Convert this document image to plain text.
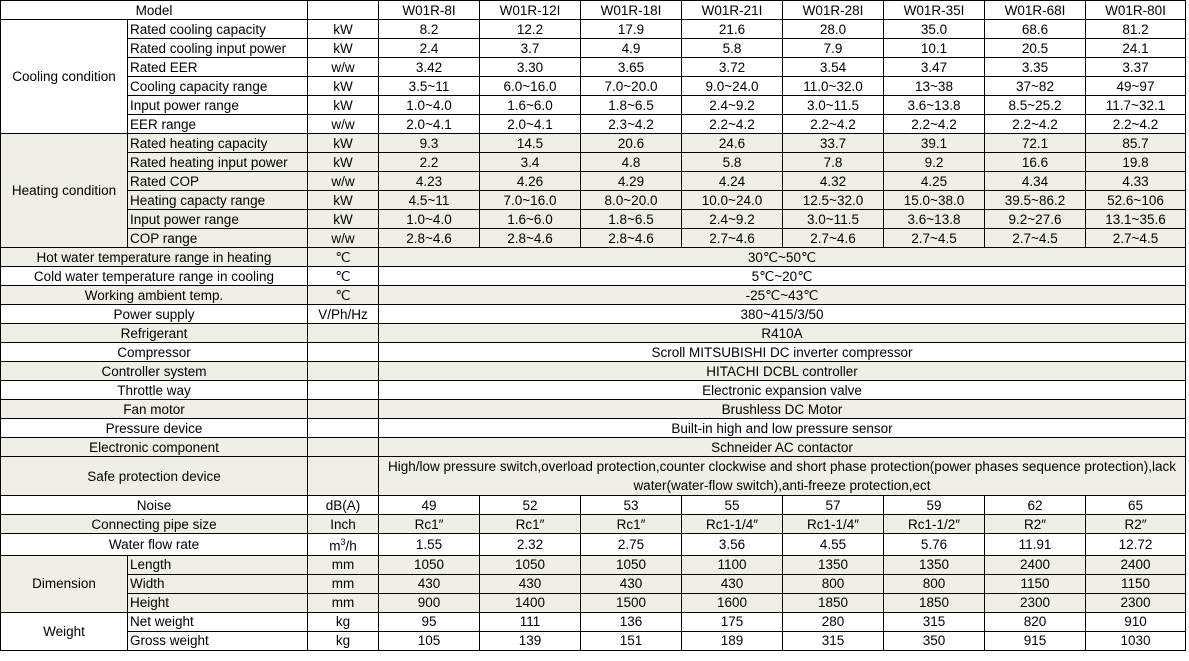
Model			W01R-8I	W01R-12I	W01R-18I	W01R-21I	W01R-28I	W01R-35I	W01R-68I	W01R-80I
Cooling condition	Rated cooling capacity	kW	8.2	12.2	17.9	21.6	28.0	35.0	68.6	81.2
	Rated cooling input power	kW	2.4	3.7	4.9	5.8	7.9	10.1	20.5	24.1
	Rated EER	w/w	3.42	3.30	3.65	3.72	3.54	3.47	3.35	3.37
	Cooling capacity range	kW	3.5~11	6.0~16.0	7.0~20.0	9.0~24.0	11.0~32.0	13~38	37~82	49~97
	Input power range	kW	1.0~4.0	1.6~6.0	1.8~6.5	2.4~9.2	3.0~11.5	3.6~13.8	8.5~25.2	11.7~32.1
	EER range	w/w	2.0~4.1	2.0~4.1	2.3~4.2	2.2~4.2	2.2~4.2	2.2~4.2	2.2~4.2	2.2~4.2
Heating condition	Rated heating capacity	kW	9.3	14.5	20.6	24.6	33.7	39.1	72.1	85.7
	Rated heating input power	kW	2.2	3.4	4.8	5.8	7.8	9.2	16.6	19.8
	Rated COP	w/w	4.23	4.26	4.29	4.24	4.32	4.25	4.34	4.33
	Heating capacty range	kW	4.5~11	7.0~16.0	8.0~20.0	10.0~24.0	12.5~32.0	15.0~38.0	39.5~86.2	52.6~106
	Input power range	kW	1.0~4.0	1.6~6.0	1.8~6.5	2.4~9.2	3.0~11.5	3.6~13.8	9.2~27.6	13.1~35.6
	COP range	w/w	2.8~4.6	2.8~4.6	2.8~4.6	2.7~4.6	2.7~4.6	2.7~4.5	2.7~4.5	2.7~4.5
Hot water temperature range in heating		℃	30℃~50℃							
Cold water temperature range in cooling		℃	5℃~20℃							
Working ambient temp.		℃	-25℃~43℃							
Power supply		V/Ph/Hz	380~415/3/50							
Refrigerant			R410A							
Compressor			Scroll MITSUBISHI DC inverter compressor							
Controller system			HITACHI DCBL controller							
Throttle way			Electronic expansion valve							
Fan motor			Brushless DC Motor							
Pressure device			Built-in high and low pressure sensor							
Electronic component			Schneider AC contactor							
Safe protection device			High/low pressure switch,overload protection,counter clockwise and short phase protection(power phases sequence protection),lack water(water-flow switch),anti-freeze protection,ect							
Noise		dB(A)	49	52	53	55	57	59	62	65
Connecting pipe size		Inch	Rc1″	Rc1″	Rc1″	Rc1-1/4″	Rc1-1/4″	Rc1-1/2″	R2″	R2″
Water flow rate		$m^3/h$	1.55	2.32	2.75	3.56	4.55	5.76	11.91	12.72
Dimension	Length	mm	1050	1050	1050	1100	1350	1350	2400	2400
	Width	mm	430	430	430	430	800	800	1150	1150
	Height	mm	900	1400	1500	1600	1850	1850	2300	2300
Weight	Net weight	kg	95	111	136	175	280	315	820	910
	Gross weight	kg	105	139	151	189	315	350	915	1030
